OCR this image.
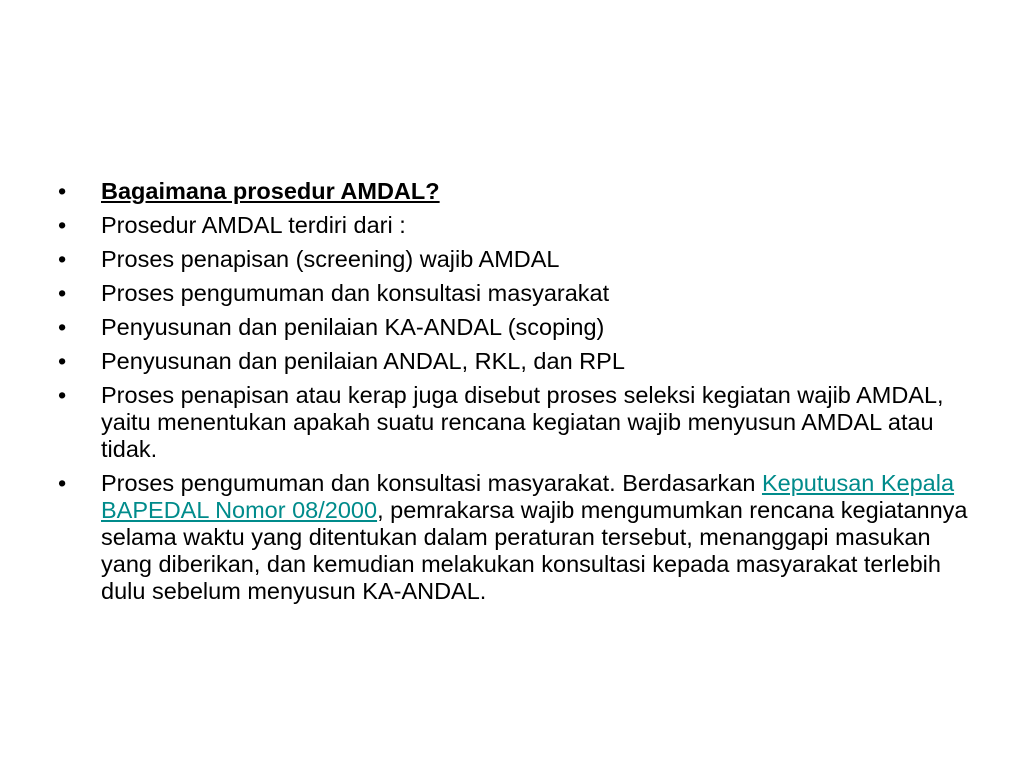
•	Bagaimana prosedur AMDAL?
•	Prosedur AMDAL terdiri dari :
•	Proses penapisan (screening) wajib AMDAL
•	Proses pengumuman dan konsultasi masyarakat
•	Penyusunan dan penilaian KA-ANDAL (scoping)
•	Penyusunan dan penilaian ANDAL, RKL, dan RPL
•	Proses penapisan atau kerap juga disebut proses seleksi kegiatan wajib AMDAL, yaitu menentukan apakah suatu rencana kegiatan wajib menyusun AMDAL atau tidak.
•	Proses pengumuman dan konsultasi masyarakat. Berdasarkan Keputusan Kepala BAPEDAL Nomor 08/2000, pemrakarsa wajib mengumumkan rencana kegiatannya selama waktu yang ditentukan dalam peraturan tersebut, menanggapi masukan yang diberikan, dan kemudian melakukan konsultasi kepada masyarakat terlebih dulu sebelum menyusun KA-ANDAL.
